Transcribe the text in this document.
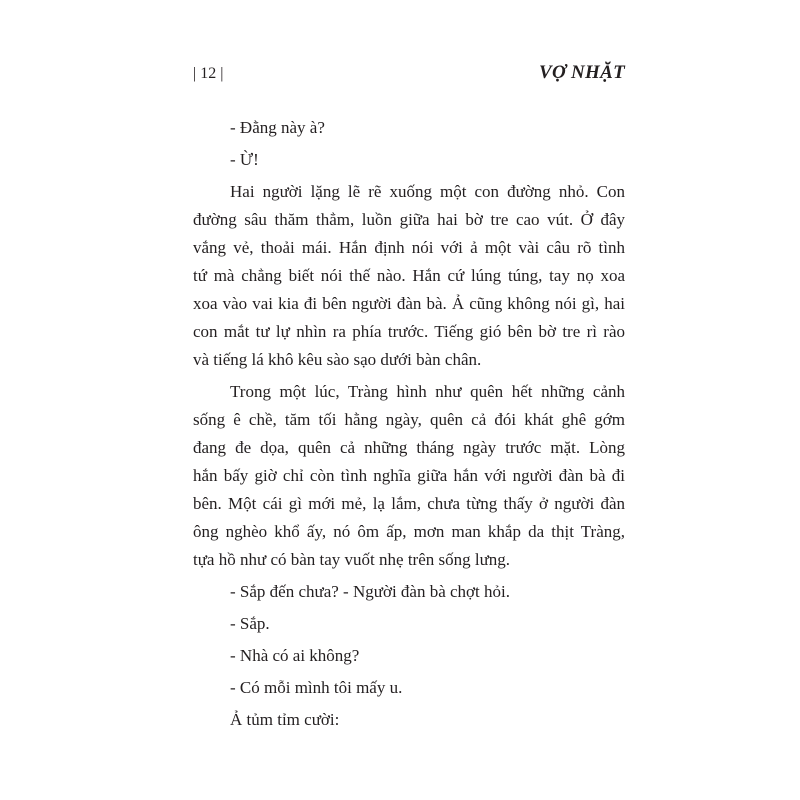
| 12 |	VỢ NHẶT
- Đằng này à?
- Ừ!
Hai người lặng lẽ rẽ xuống một con đường nhỏ. Con
đường sâu thăm thẳm, luồn giữa hai bờ tre cao vút. Ở đây
vắng vẻ, thoải mái. Hắn định nói với ả một vài câu rõ tình
tứ mà chẳng biết nói thế nào. Hắn cứ lúng túng, tay nọ xoa
xoa vào vai kia đi bên người đàn bà. Ả cũng không nói gì, hai
con mắt tư lự nhìn ra phía trước. Tiếng gió bên bờ tre rì rào
và tiếng lá khô kêu sào sạo dưới bàn chân.
Trong một lúc, Tràng hình như quên hết những cảnh
sống ê chề, tăm tối hằng ngày, quên cả đói khát ghê gớm
đang đe dọa, quên cả những tháng ngày trước mặt. Lòng
hắn bấy giờ chỉ còn tình nghĩa giữa hắn với người đàn bà đi
bên. Một cái gì mới mẻ, lạ lắm, chưa từng thấy ở người đàn
ông nghèo khổ ấy, nó ôm ấp, mơn man khắp da thịt Tràng,
tựa hồ như có bàn tay vuốt nhẹ trên sống lưng.
- Sắp đến chưa? - Người đàn bà chợt hỏi.
- Sắp.
- Nhà có ai không?
- Có mỗi mình tôi mấy u.
Ả tủm tỉm cười:
